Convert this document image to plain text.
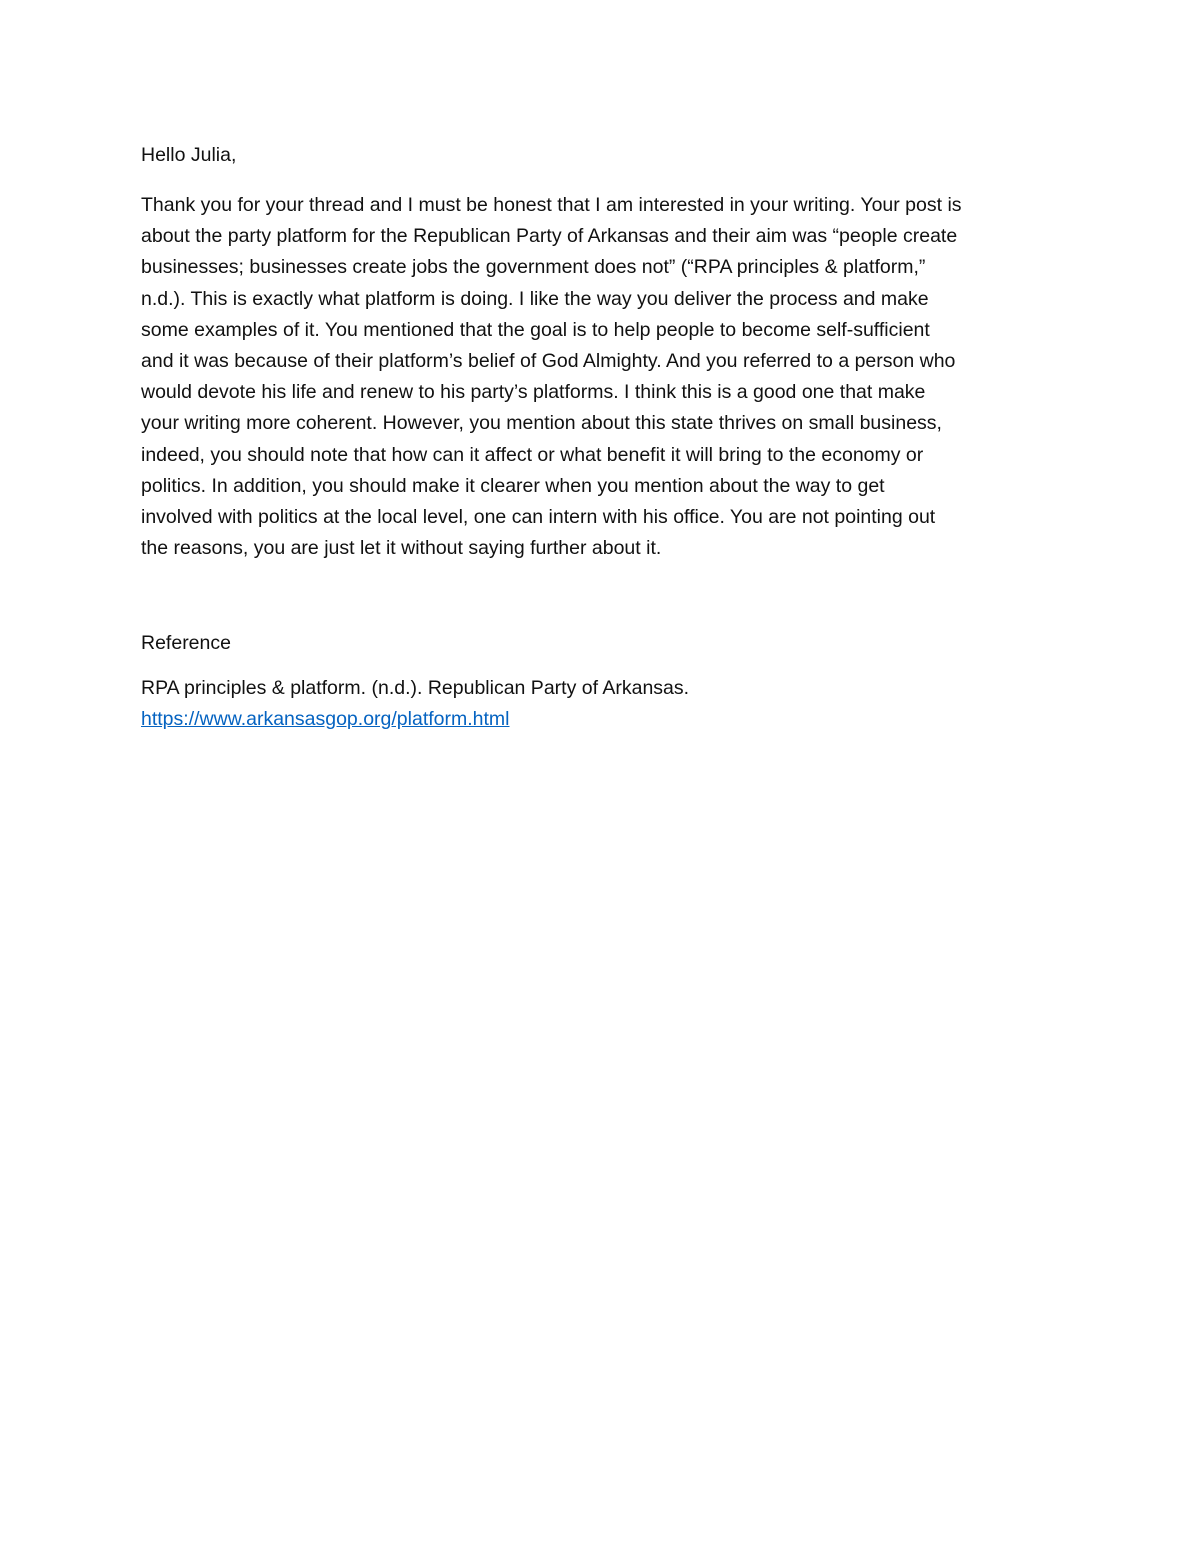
Hello Julia,

Thank you for your thread and I must be honest that I am interested in your writing. Your post is
about the party platform for the Republican Party of Arkansas and their aim was “people create
businesses; businesses create jobs the government does not” (“RPA principles & platform,”
n.d.). This is exactly what platform is doing. I like the way you deliver the process and make
some examples of it. You mentioned that the goal is to help people to become self-sufficient
and it was because of their platform’s belief of God Almighty. And you referred to a person who
would devote his life and renew to his party’s platforms. I think this is a good one that make
your writing more coherent. However, you mention about this state thrives on small business,
indeed, you should note that how can it affect or what benefit it will bring to the economy or
politics. In addition, you should make it clearer when you mention about the way to get
involved with politics at the local level, one can intern with his office. You are not pointing out
the reasons, you are just let it without saying further about it.

Reference

RPA principles & platform. (n.d.). Republican Party of Arkansas.
https://www.arkansasgop.org/platform.html
